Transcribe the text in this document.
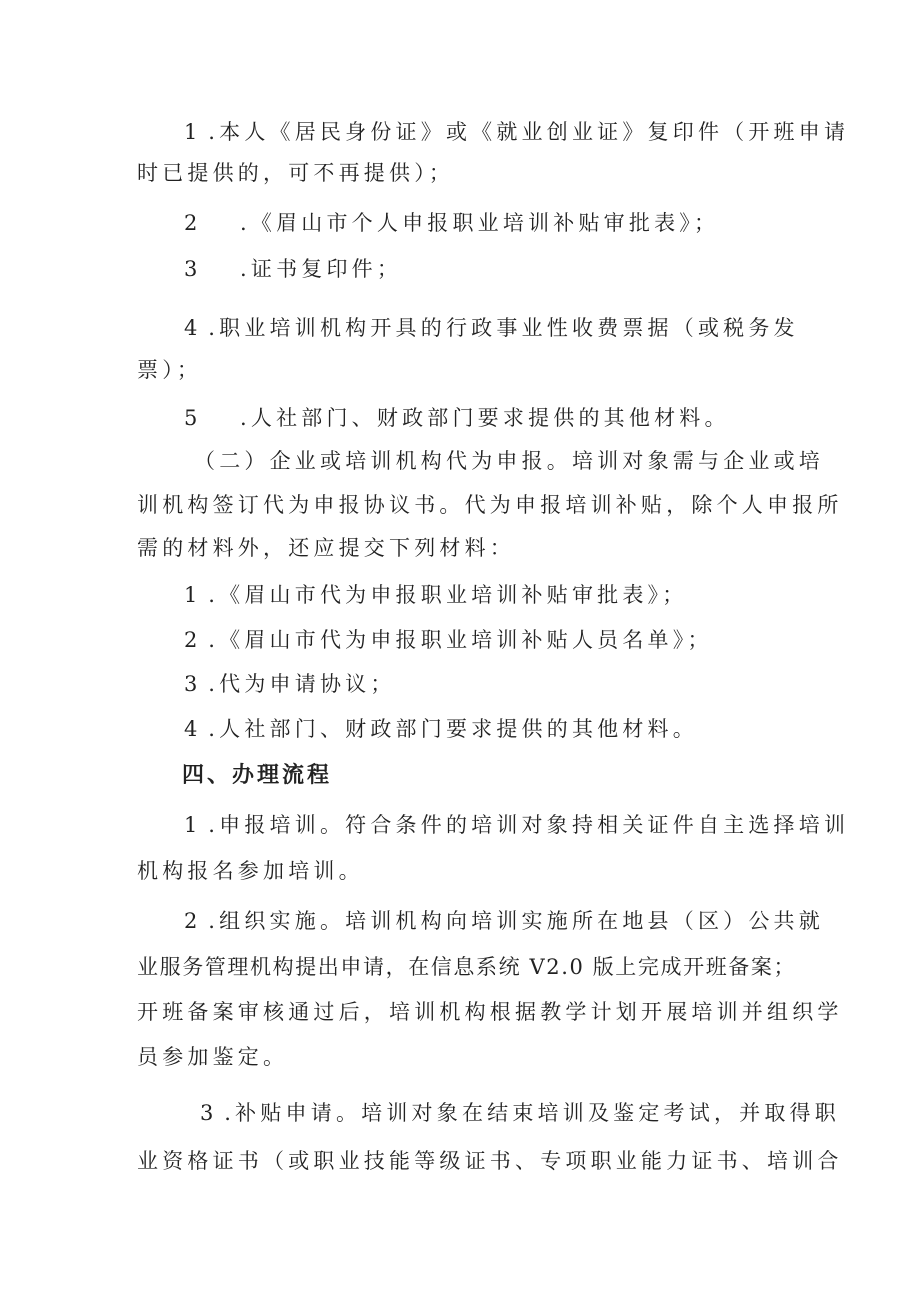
1 .本人《居民身份证》或《就业创业证》复印件（开班申请
时已提供的，可不再提供）；
2 .《眉山市个人申报职业培训补贴审批表》；
3 .证书复印件；
4 .职业培训机构开具的行政事业性收费票据（或税务发
票）；
5 .人社部门、财政部门要求提供的其他材料。
（二）企业或培训机构代为申报。培训对象需与企业或培
训机构签订代为申报协议书。代为申报培训补贴，除个人申报所
需的材料外，还应提交下列材料：
1 .《眉山市代为申报职业培训补贴审批表》；
2 .《眉山市代为申报职业培训补贴人员名单》；
3 .代为申请协议；
4 .人社部门、财政部门要求提供的其他材料。
四、办理流程
1 .申报培训。符合条件的培训对象持相关证件自主选择培训
机构报名参加培训。
2 .组织实施。培训机构向培训实施所在地县（区）公共就
业服务管理机构提出申请，在信息系统 V2.0 版上完成开班备案；
开班备案审核通过后，培训机构根据教学计划开展培训并组织学
员参加鉴定。
3 .补贴申请。培训对象在结束培训及鉴定考试，并取得职
业资格证书（或职业技能等级证书、专项职业能力证书、培训合
